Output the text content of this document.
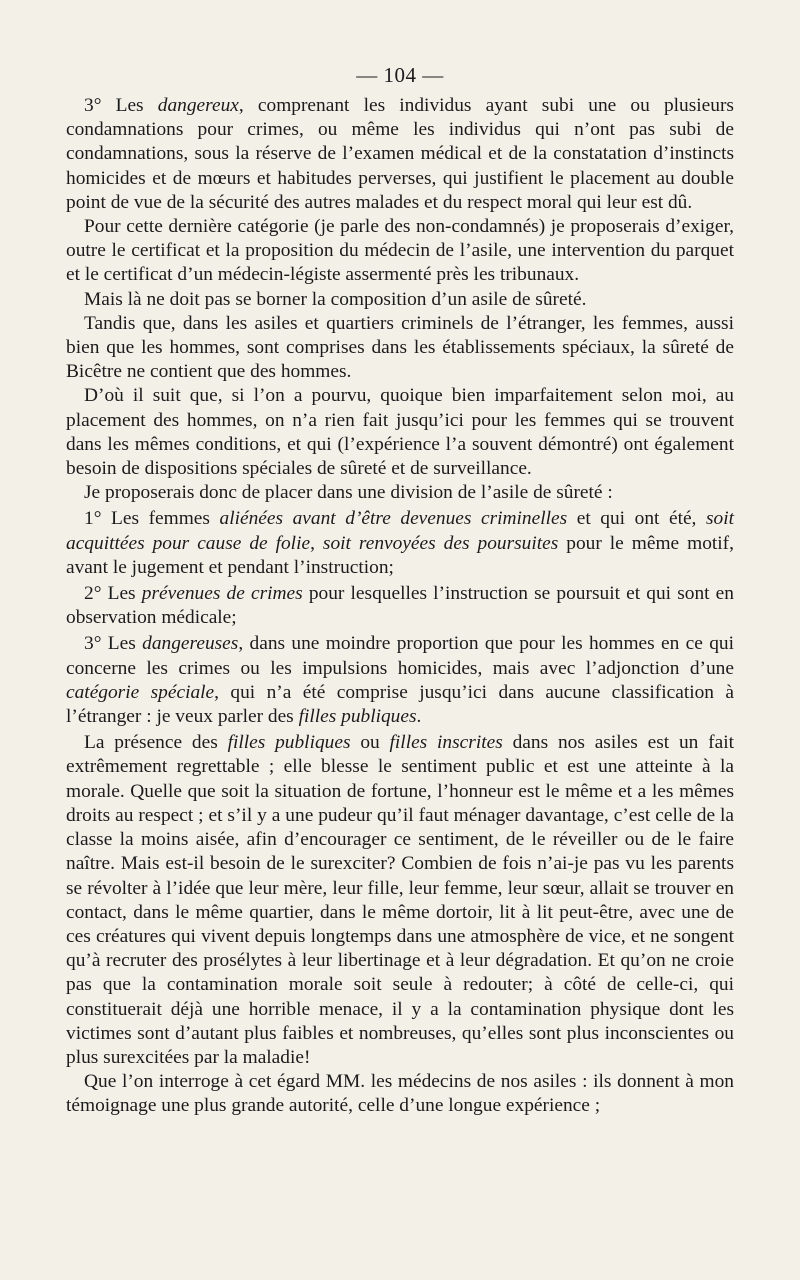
— 104 —

3° Les dangereux, comprenant les individus ayant subi une ou plusieurs condamnations pour crimes, ou même les individus qui n’ont pas subi de condamnations, sous la réserve de l’examen médical et de la constatation d’instincts homicides et de mœurs et habitudes perverses, qui justifient le placement au double point de vue de la sécurité des autres malades et du respect moral qui leur est dû.

Pour cette dernière catégorie (je parle des non-condamnés) je proposerais d’exiger, outre le certificat et la proposition du médecin de l’asile, une intervention du parquet et le certificat d’un médecin-légiste assermenté près les tribunaux.

Mais là ne doit pas se borner la composition d’un asile de sûreté.

Tandis que, dans les asiles et quartiers criminels de l’étranger, les femmes, aussi bien que les hommes, sont comprises dans les établissements spéciaux, la sûreté de Bicêtre ne contient que des hommes.

D’où il suit que, si l’on a pourvu, quoique bien imparfaitement selon moi, au placement des hommes, on n’a rien fait jusqu’ici pour les femmes qui se trouvent dans les mêmes conditions, et qui (l’expérience l’a souvent démontré) ont également besoin de dispositions spéciales de sûreté et de surveillance.

Je proposerais donc de placer dans une division de l’asile de sûreté :

1° Les femmes aliénées avant d’être devenues criminelles et qui ont été, soit acquittées pour cause de folie, soit renvoyées des poursuites pour le même motif, avant le jugement et pendant l’instruction;

2° Les prévenues de crimes pour lesquelles l’instruction se poursuit et qui sont en observation médicale;

3° Les dangereuses, dans une moindre proportion que pour les hommes en ce qui concerne les crimes ou les impulsions homicides, mais avec l’adjonction d’une catégorie spéciale, qui n’a été comprise jusqu’ici dans aucune classification à l’étranger : je veux parler des filles publiques.

La présence des filles publiques ou filles inscrites dans nos asiles est un fait extrêmement regrettable ; elle blesse le sentiment public et est une atteinte à la morale. Quelle que soit la situation de fortune, l’honneur est le même et a les mêmes droits au respect ; et s’il y a une pudeur qu’il faut ménager davantage, c’est celle de la classe la moins aisée, afin d’encourager ce sentiment, de le réveiller ou de le faire naître. Mais est-il besoin de le surexciter? Combien de fois n’ai-je pas vu les parents se révolter à l’idée que leur mère, leur fille, leur femme, leur sœur, allait se trouver en contact, dans le même quartier, dans le même dortoir, lit à lit peut-être, avec une de ces créatures qui vivent depuis longtemps dans une atmosphère de vice, et ne songent qu’à recruter des prosélytes à leur libertinage et à leur dégradation. Et qu’on ne croie pas que la contamination morale soit seule à redouter; à côté de celle-ci, qui constituerait déjà une horrible menace, il y a la contamination physique dont les victimes sont d’autant plus faibles et nombreuses, qu’elles sont plus inconscientes ou plus surexcitées par la maladie!

Que l’on interroge à cet égard MM. les médecins de nos asiles : ils donnent à mon témoignage une plus grande autorité, celle d’une longue expérience ;
